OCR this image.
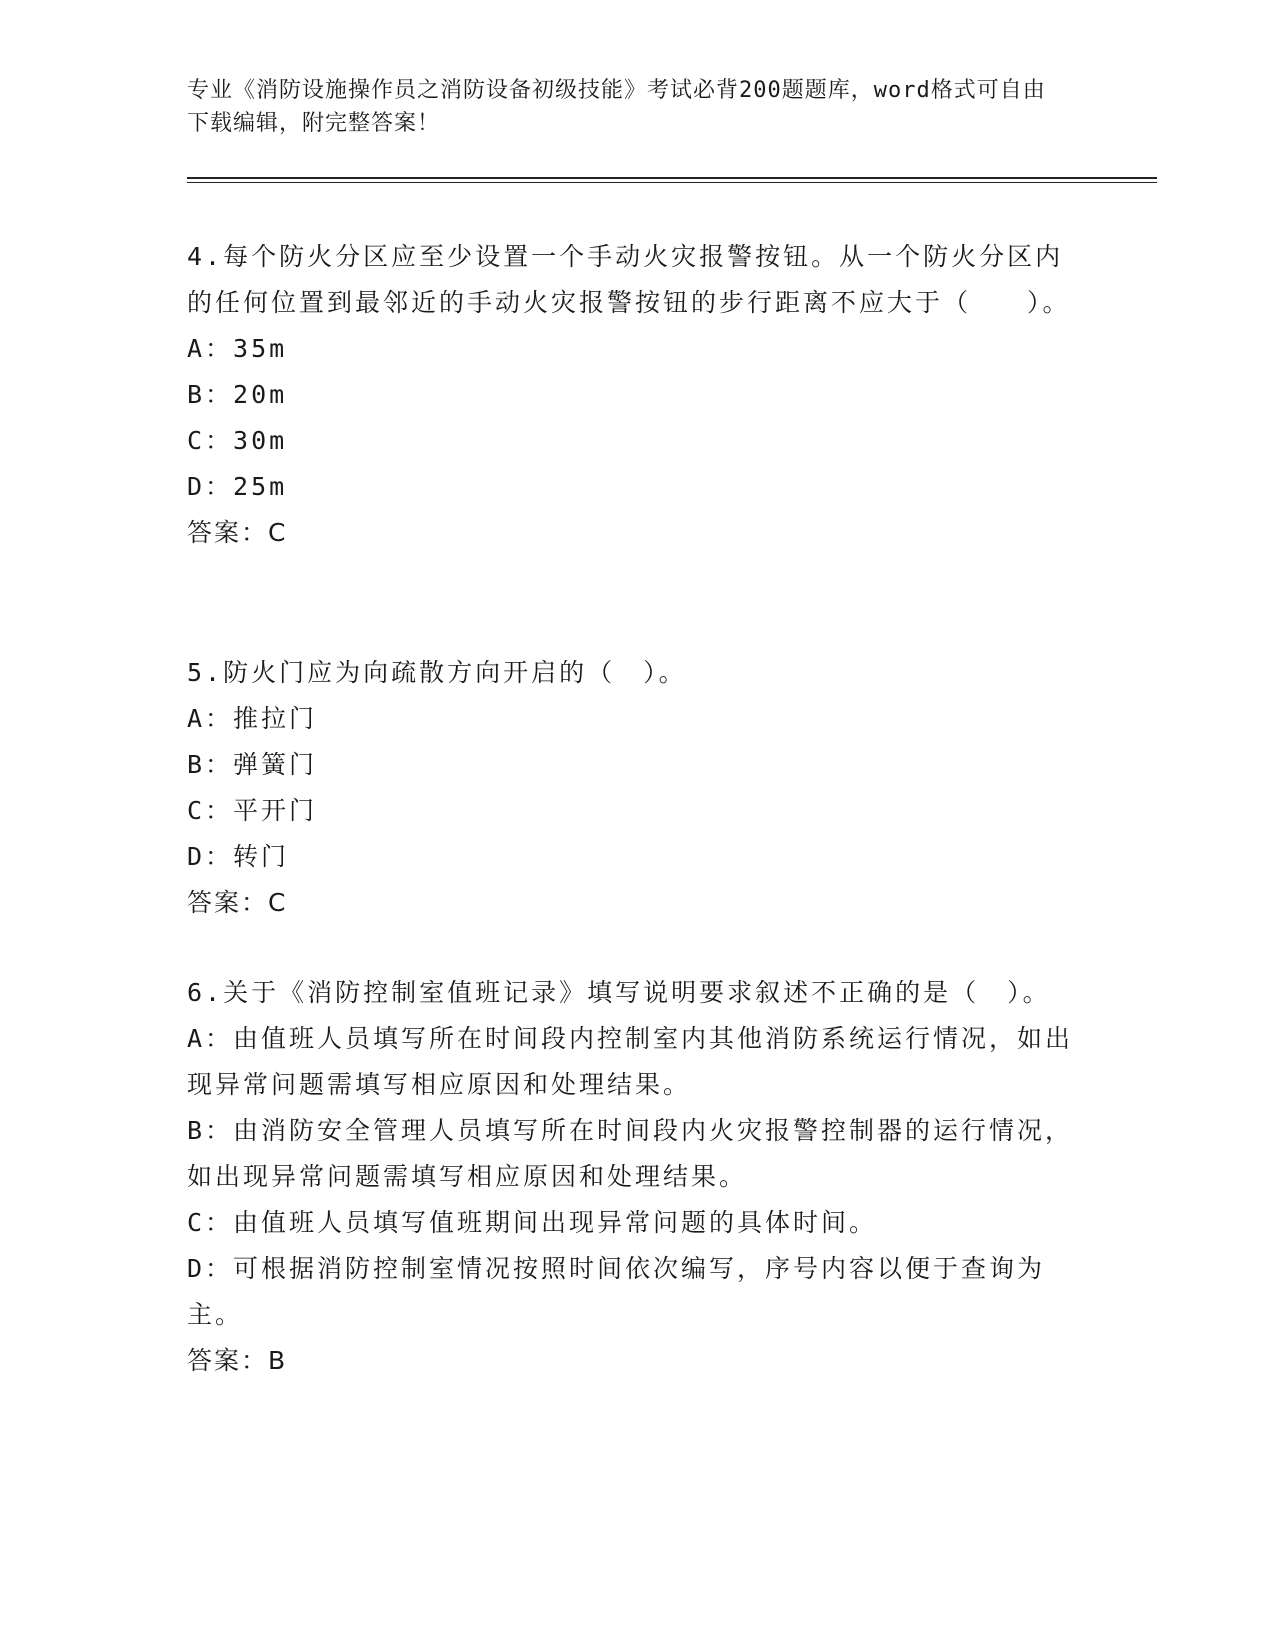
专业《消防设施操作员之消防设备初级技能》考试必背200题题库，word格式可自由下载编辑，附完整答案！

4.每个防火分区应至少设置一个手动火灾报警按钮。从一个防火分区内的任何位置到最邻近的手动火灾报警按钮的步行距离不应大于（　　）。

A：35m

B：20m

C：30m

D：25m

答案：C

5.防火门应为向疏散方向开启的（　）。

A：推拉门

B：弹簧门

C：平开门

D：转门

答案：C

6.关于《消防控制室值班记录》填写说明要求叙述不正确的是（　）。

A：由值班人员填写所在时间段内控制室内其他消防系统运行情况，如出现异常问题需填写相应原因和处理结果。

B：由消防安全管理人员填写所在时间段内火灾报警控制器的运行情况，如出现异常问题需填写相应原因和处理结果。

C：由值班人员填写值班期间出现异常问题的具体时间。

D：可根据消防控制室情况按照时间依次编写，序号内容以便于查询为主。

答案：B
